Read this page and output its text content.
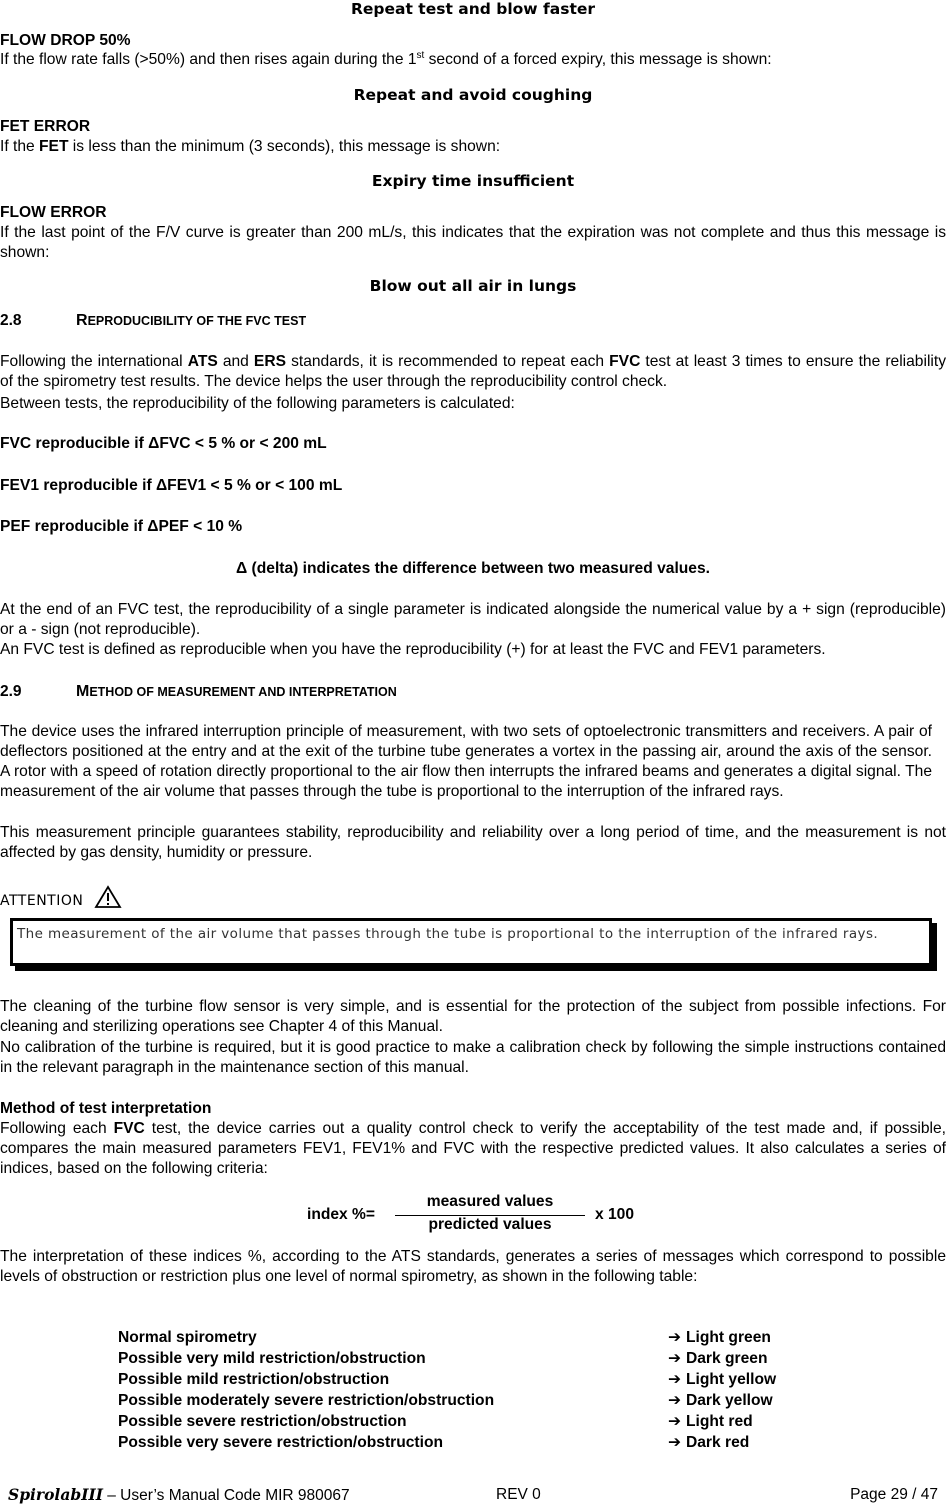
Repeat test and blow faster
FLOW DROP 50%
If the flow rate falls (>50%) and then rises again during the 1st second of a forced expiry, this message is shown:
Repeat and avoid coughing
FET ERROR
If the FET is less than the minimum (3 seconds), this message is shown:
Expiry time insufficient
FLOW ERROR
If the last point of the F/V curve is greater than 200 mL/s, this indicates that the expiration was not complete and thus this message is shown:
Blow out all air in lungs
2.8	REPRODUCIBILITY OF THE FVC TEST
Following the international ATS and ERS standards, it is recommended to repeat each FVC test at least 3 times to ensure the reliability of the spirometry test results. The device helps the user through the reproducibility control check.
Between tests, the reproducibility of the following parameters is calculated:
FVC reproducible if ΔFVC < 5 % or < 200 mL
FEV1 reproducible if ΔFEV1 < 5 % or < 100 mL
PEF reproducible if ΔPEF < 10 %
Δ (delta) indicates the difference between two measured values.
At the end of an FVC test, the reproducibility of a single parameter is indicated alongside the numerical value by a + sign (reproducible) or a - sign (not reproducible).
An FVC test is defined as reproducible when you have the reproducibility (+) for at least the FVC and FEV1 parameters.
2.9	METHOD OF MEASUREMENT AND INTERPRETATION
The device uses the infrared interruption principle of measurement, with two sets of optoelectronic transmitters and receivers. A pair of deflectors positioned at the entry and at the exit of the turbine tube generates a vortex in the passing air, around the axis of the sensor. A rotor with a speed of rotation directly proportional to the air flow then interrupts the infrared beams and generates a digital signal. The measurement of the air volume that passes through the tube is proportional to the interruption of the infrared rays.
This measurement principle guarantees stability, reproducibility and reliability over a long period of time, and the measurement is not affected by gas density, humidity or pressure.
ATTENTION
The measurement of the air volume that passes through the tube is proportional to the interruption of the infrared rays.
The cleaning of the turbine flow sensor is very simple, and is essential for the protection of the subject from possible infections. For cleaning and sterilizing operations see Chapter 4 of this Manual.
No calibration of the turbine is required, but it is good practice to make a calibration check by following the simple instructions contained in the relevant paragraph in the maintenance section of this manual.
Method of test interpretation
Following each FVC test, the device carries out a quality control check to verify the acceptability of the test made and, if possible, compares the main measured parameters FEV1, FEV1% and FVC with the respective predicted values. It also calculates a series of indices, based on the following criteria:
index %=
measured values
predicted values
x 100
The interpretation of these indices %, according to the ATS standards, generates a series of messages which correspond to possible levels of obstruction or restriction plus one level of normal spirometry, as shown in the following table:
Normal spirometry	➔ Light green
Possible very mild restriction/obstruction	➔ Dark green
Possible mild restriction/obstruction	➔ Light yellow
Possible moderately severe restriction/obstruction	➔ Dark yellow
Possible severe restriction/obstruction	➔ Light red
Possible very severe restriction/obstruction	➔ Dark red
SpirolabIII – User’s Manual Code MIR 980067	REV 0	Page 29 / 47
